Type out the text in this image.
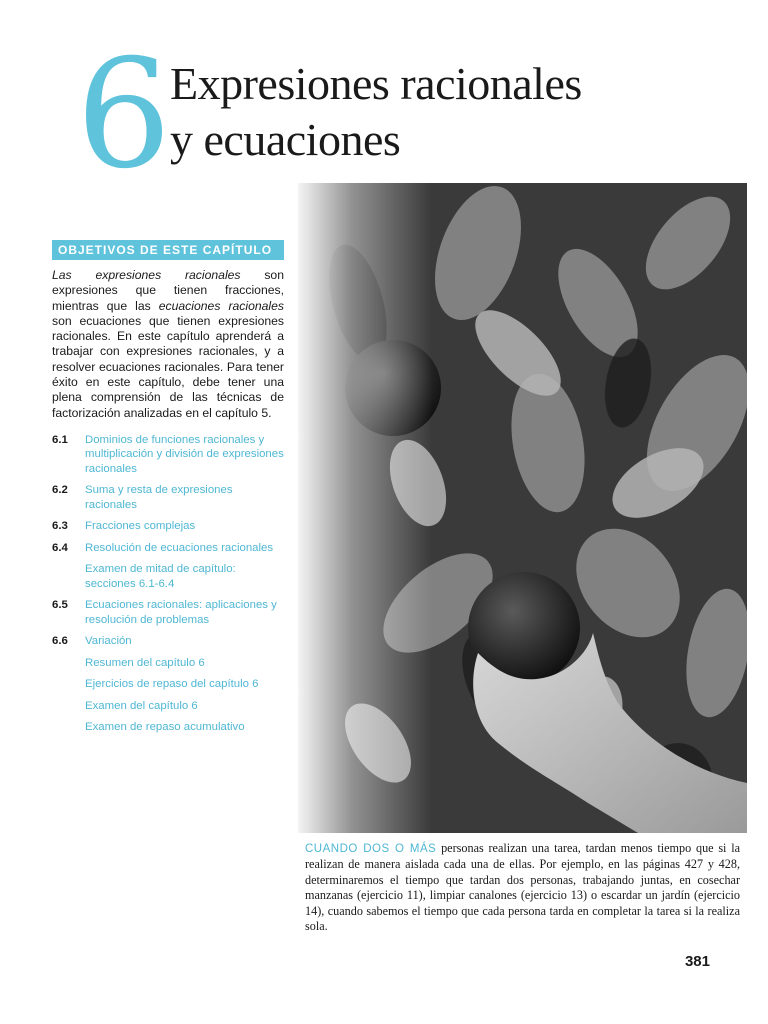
6
Expresiones racionales
y ecuaciones
OBJETIVOS DE ESTE CAPÍTULO
Las expresiones racionales son expresiones que tienen fracciones, mientras que las ecuaciones racionales son ecuaciones que tienen expresiones racionales. En este capítulo aprenderá a trabajar con expresiones racionales, y a resolver ecuaciones racionales. Para tener éxito en este capítulo, debe tener una plena comprensión de las técnicas de factorización analizadas en el capítulo 5.
6.1	Dominios de funciones racionales y multiplicación y división de expresiones racionales
6.2	Suma y resta de expresiones racionales
6.3	Fracciones complejas
6.4	Resolución de ecuaciones racionales
Examen de mitad de capítulo: secciones 6.1-6.4
6.5	Ecuaciones racionales: aplicaciones y resolución de problemas
6.6	Variación
Resumen del capítulo 6
Ejercicios de repaso del capítulo 6
Examen del capítulo 6
Examen de repaso acumulativo
CUANDO DOS O MÁS personas realizan una tarea, tardan menos tiempo que si la realizan de manera aislada cada una de ellas. Por ejemplo, en las páginas 427 y 428, determinaremos el tiempo que tardan dos personas, trabajando juntas, en cosechar manzanas (ejercicio 11), limpiar canalones (ejercicio 13) o escardar un jardín (ejercicio 14), cuando sabemos el tiempo que cada persona tarda en completar la tarea si la realiza sola.
381
